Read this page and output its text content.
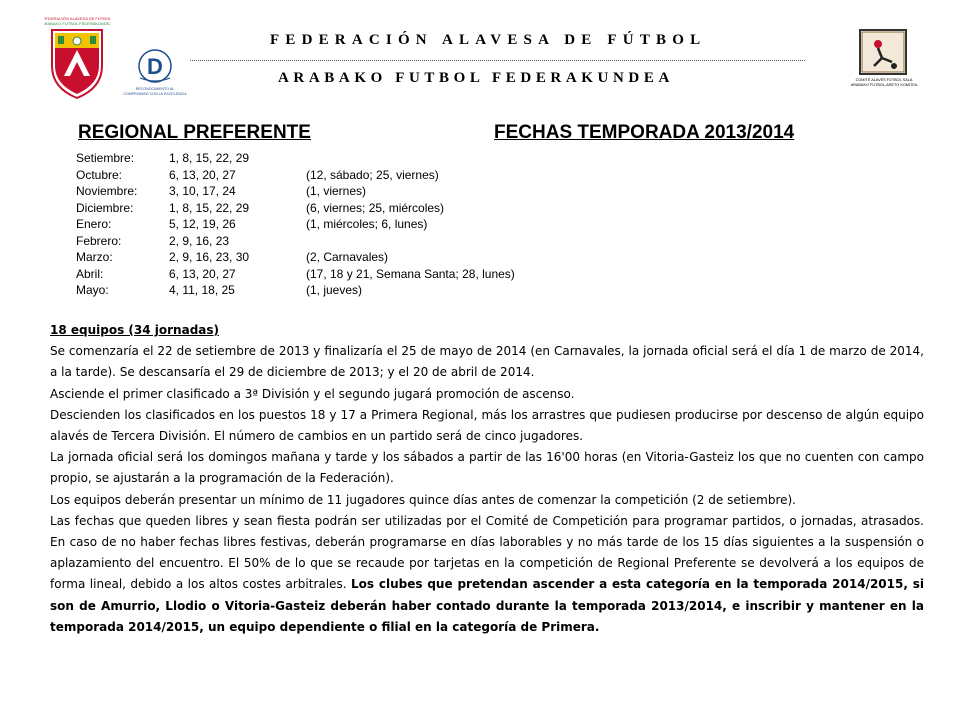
FEDERACIÓN ALAVESA DE FÚTBOL
ARABAKO FUTBOL FEDERAKUNDEA
D
RECONOCIMIENTO AL
COMPROMISO CON LA EXCELENCIA
COMITÉ ALAVÉS FÚTBOL SALA
ARABAKO FUTBOL-ARETO KOMITEA
FEDERACIÓN ALAVESA DE FÚTBOL
ARABAKO FUTBOL FEDERAKUNDEA
REGIONAL PREFERENTE	FECHAS TEMPORADA 2013/2014
Setiembre:	1, 8, 15, 22, 29
Octubre:	6, 13, 20, 27	(12, sábado; 25, viernes)
Noviembre:	3, 10, 17, 24	(1, viernes)
Diciembre:	1, 8, 15, 22, 29	(6, viernes; 25, miércoles)
Enero:	5, 12, 19, 26	(1, miércoles; 6, lunes)
Febrero:	2, 9, 16, 23
Marzo:	2, 9, 16, 23, 30	(2, Carnavales)
Abril:	6, 13, 20, 27	(17, 18 y 21, Semana Santa; 28, lunes)
Mayo:	4, 11, 18, 25	(1, jueves)

18 equipos (34 jornadas)

Se comenzaría el 22 de setiembre de 2013 y finalizaría el 25 de mayo de 2014 (en Carnavales, la jornada oficial será el día 1 de marzo de 2014, a la tarde). Se descansaría el 29 de diciembre de 2013; y el 20 de abril de 2014.

Asciende el primer clasificado a 3ª División y el segundo jugará promoción de ascenso.

Descienden los clasificados en los puestos 18 y 17 a Primera Regional, más los arrastres que pudiesen producirse por descenso de algún equipo alavés de Tercera División. El número de cambios en un partido será de cinco jugadores.

La jornada oficial será los domingos mañana y tarde y los sábados a partir de las 16'00 horas (en Vitoria-Gasteiz los que no cuenten con campo propio, se ajustarán a la programación de la Federación).

Los equipos deberán presentar un mínimo de 11 jugadores quince días antes de comenzar la competición (2 de setiembre).

Las fechas que queden libres y sean fiesta podrán ser utilizadas por el Comité de Competición para programar partidos, o jornadas, atrasados. En caso de no haber fechas libres festivas, deberán programarse en días laborables y no más tarde de los 15 días siguientes a la suspensión o aplazamiento del encuentro. El 50% de lo que se recaude por tarjetas en la competición de Regional Preferente se devolverá a los equipos de forma lineal, debido a los altos costes arbitrales. Los clubes que pretendan ascender a esta categoría en la temporada 2014/2015, si son de Amurrio, Llodio o Vitoria-Gasteiz deberán haber contado durante la temporada 2013/2014, e inscribir y mantener en la temporada 2014/2015, un equipo dependiente o filial en la categoría de Primera.
